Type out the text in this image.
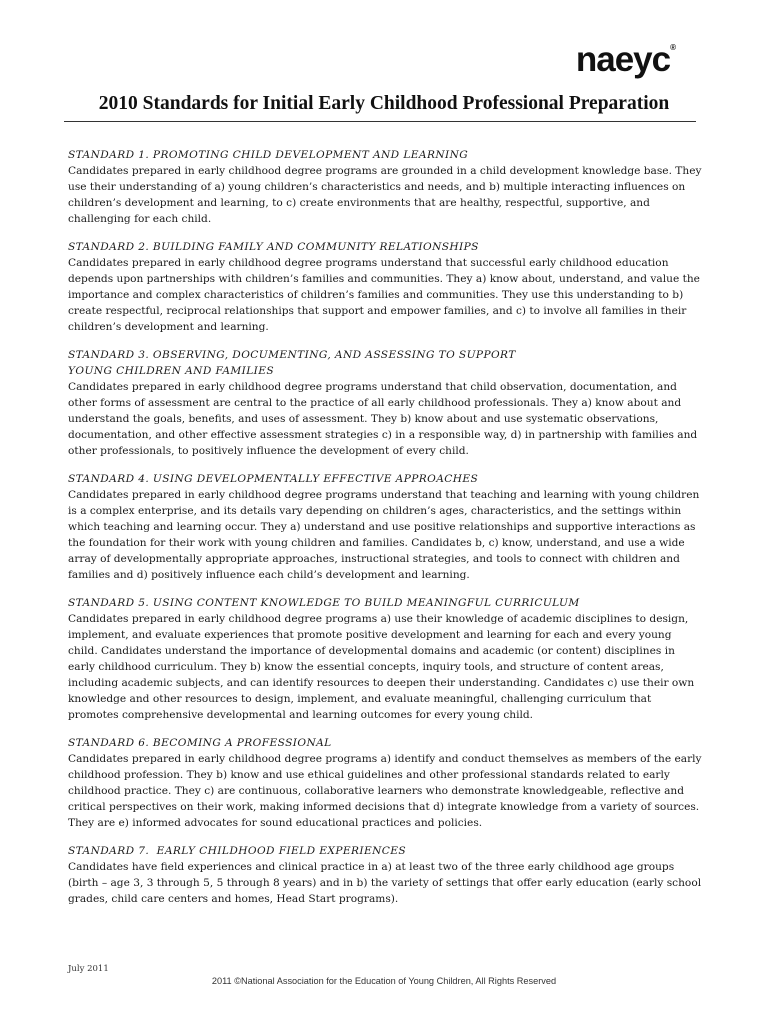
naeyc®
2010 Standards for Initial Early Childhood Professional Preparation

STANDARD 1. PROMOTING CHILD DEVELOPMENT AND LEARNING

Candidates prepared in early childhood degree programs are grounded in a child development knowledge base. They use their understanding of a) young children’s characteristics and needs, and b) multiple interacting influences on children’s development and learning, to c) create environments that are healthy, respectful, supportive, and challenging for each child.

STANDARD 2. BUILDING FAMILY AND COMMUNITY RELATIONSHIPS

Candidates prepared in early childhood degree programs understand that successful early childhood education depends upon partnerships with children’s families and communities. They a) know about, understand, and value the importance and complex characteristics of children’s families and communities. They use this understanding to b) create respectful, reciprocal relationships that support and empower families, and c) to involve all families in their children’s development and learning.

STANDARD 3. OBSERVING, DOCUMENTING, AND ASSESSING TO SUPPORT YOUNG CHILDREN AND FAMILIES

Candidates prepared in early childhood degree programs understand that child observation, documentation, and other forms of assessment are central to the practice of all early childhood professionals. They a) know about and understand the goals, benefits, and uses of assessment. They b) know about and use systematic observations, documentation, and other effective assessment strategies c) in a responsible way, d) in partnership with families and other professionals, to positively influence the development of every child.

STANDARD 4. USING DEVELOPMENTALLY EFFECTIVE APPROACHES

Candidates prepared in early childhood degree programs understand that teaching and learning with young children is a complex enterprise, and its details vary depending on children’s ages, characteristics, and the settings within which teaching and learning occur. They a) understand and use positive relationships and supportive interactions as the foundation for their work with young children and families. Candidates b, c) know, understand, and use a wide array of developmentally appropriate approaches, instructional strategies, and tools to connect with children and families and d) positively influence each child’s development and learning.

STANDARD 5. USING CONTENT KNOWLEDGE TO BUILD MEANINGFUL CURRICULUM

Candidates prepared in early childhood degree programs a) use their knowledge of academic disciplines to design, implement, and evaluate experiences that promote positive development and learning for each and every young child. Candidates understand the importance of developmental domains and academic (or content) disciplines in early childhood curriculum. They b) know the essential concepts, inquiry tools, and structure of content areas, including academic subjects, and can identify resources to deepen their understanding. Candidates c) use their own knowledge and other resources to design, implement, and evaluate meaningful, challenging curriculum that promotes comprehensive developmental and learning outcomes for every young child.

STANDARD 6. BECOMING A PROFESSIONAL

Candidates prepared in early childhood degree programs a) identify and conduct themselves as members of the early childhood profession. They b) know and use ethical guidelines and other professional standards related to early childhood practice. They c) are continuous, collaborative learners who demonstrate knowledgeable, reflective and critical perspectives on their work, making informed decisions that d) integrate knowledge from a variety of sources. They are e) informed advocates for sound educational practices and policies.

STANDARD 7.  EARLY CHILDHOOD FIELD EXPERIENCES

Candidates have field experiences and clinical practice in a) at least two of the three early childhood age groups (birth – age 3, 3 through 5, 5 through 8 years) and in b) the variety of settings that offer early education (early school grades, child care centers and homes, Head Start programs).

July 2011
2011 ©National Association for the Education of Young Children, All Rights Reserved
